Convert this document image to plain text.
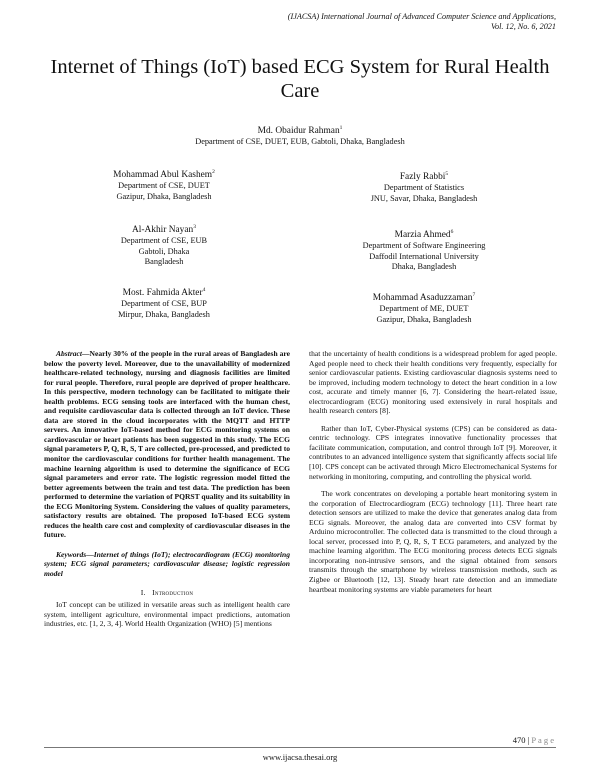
(IJACSA) International Journal of Advanced Computer Science and Applications,
Vol. 12, No. 6, 2021
Internet of Things (IoT) based ECG System for Rural Health Care
Md. Obaidur Rahman$^1$
Department of CSE, DUET, EUB, Gabtoli, Dhaka, Bangladesh
Mohammad Abul Kashem$^2$
Department of CSE, DUET
Gazipur, Dhaka, Bangladesh
Fazly Rabbi$^5$
Department of Statistics
JNU, Savar, Dhaka, Bangladesh
Al-Akhir Nayan$^3$
Department of CSE, EUB
Gabtoli, Dhaka
Bangladesh
Marzia Ahmed$^6$
Department of Software Engineering
Daffodil International University
Dhaka, Bangladesh
Most. Fahmida Akter$^4$
Department of CSE, BUP
Mirpur, Dhaka, Bangladesh
Mohammad Asaduzzaman$^7$
Department of ME, DUET
Gazipur, Dhaka, Bangladesh

Abstract—Nearly 30% of the people in the rural areas of Bangladesh are below the poverty level. Moreover, due to the unavailability of modernized healthcare-related technology, nursing and diagnosis facilities are limited for rural people. Therefore, rural people are deprived of proper healthcare. In this perspective, modern technology can be facilitated to mitigate their health problems. ECG sensing tools are interfaced with the human chest, and requisite cardiovascular data is collected through an IoT device. These data are stored in the cloud incorporates with the MQTT and HTTP servers. An innovative IoT-based method for ECG monitoring systems on cardiovascular or heart patients has been suggested in this study. The ECG signal parameters P, Q, R, S, T are collected, pre-processed, and predicted to monitor the cardiovascular conditions for further health management. The machine learning algorithm is used to determine the significance of ECG signal parameters and error rate. The logistic regression model fitted the better agreements between the train and test data. The prediction has been performed to determine the variation of PQRST quality and its suitability in the ECG Monitoring System. Considering the values of quality parameters, satisfactory results are obtained. The proposed IoT-based ECG system reduces the health care cost and complexity of cardiovascular diseases in the future.

Keywords—Internet of things (IoT); electrocardiogram (ECG) monitoring system; ECG signal parameters; cardiovascular disease; logistic regression model

I. Introduction

IoT concept can be utilized in versatile areas such as intelligent health care system, intelligent agriculture, environmental impact predictions, automation industries, etc. [1, 2, 3, 4]. World Health Organization (WHO) [5] mentions

that the uncertainty of health conditions is a widespread problem for aged people. Aged people need to check their health conditions very frequently, especially for senior cardiovascular patients. Existing cardiovascular diagnosis systems need to be improved, including modern technology to detect the heart condition in a low cost, accurate and timely manner [6, 7]. Considering the heart-related issue, electrocardiogram (ECG) monitoring used extensively in rural hospitals and health research centers [8].

Rather than IoT, Cyber-Physical systems (CPS) can be considered as data-centric technology. CPS integrates innovative functionality processes that facilitate communication, computation, and control through IoT [9]. Moreover, it contributes to an advanced intelligence system that significantly affects social life [10]. CPS concept can be activated through Micro Electromechanical Systems for networking in monitoring, computing, and controlling the physical world.

The work concentrates on developing a portable heart monitoring system in the corporation of Electrocardiogram (ECG) technology [11]. Three heart rate detection sensors are utilized to make the device that generates analog data from ECG signals. Moreover, the analog data are converted into CSV format by Arduino microcontroller. The collected data is transmitted to the cloud through a local server, processed into P, Q, R, S, T ECG parameters, and analyzed by the machine learning algorithm. The ECG monitoring process detects ECG signals incorporating non-intrusive sensors, and the signal obtained from sensors transmits through the smartphone by wireless transmission methods, such as Zigbee or Bluetooth [12, 13]. Steady heart rate detection and an immediate heartbeat monitoring systems are viable parameters for heart

470 | P a g e
www.ijacsa.thesai.org
